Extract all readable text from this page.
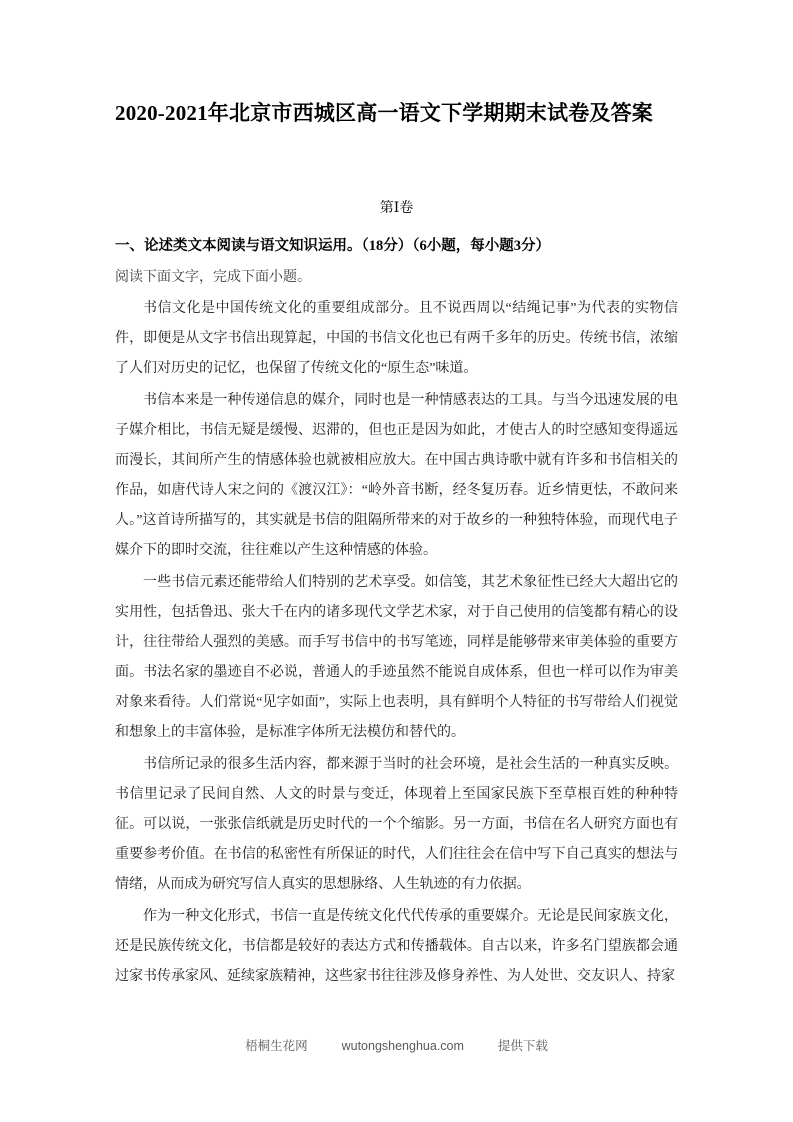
2020-2021年北京市西城区高一语文下学期期末试卷及答案
第Ⅰ卷
一、论述类文本阅读与语文知识运用。（18分）（6小题，每小题3分）
阅读下面文字，完成下面小题。

书信文化是中国传统文化的重要组成部分。且不说西周以“结绳记事”为代表的实物信件，即便是从文字书信出现算起，中国的书信文化也已有两千多年的历史。传统书信，浓缩了人们对历史的记忆，也保留了传统文化的“原生态”味道。

书信本来是一种传递信息的媒介，同时也是一种情感表达的工具。与当今迅速发展的电子媒介相比，书信无疑是缓慢、迟滞的，但也正是因为如此，才使古人的时空感知变得遥远而漫长，其间所产生的情感体验也就被相应放大。在中国古典诗歌中就有许多和书信相关的作品，如唐代诗人宋之问的《渡汉江》：“岭外音书断，经冬复历春。近乡情更怯，不敢问来人。”这首诗所描写的，其实就是书信的阻隔所带来的对于故乡的一种独特体验，而现代电子媒介下的即时交流，往往难以产生这种情感的体验。

一些书信元素还能带给人们特别的艺术享受。如信笺，其艺术象征性已经大大超出它的实用性，包括鲁迅、张大千在内的诸多现代文学艺术家，对于自己使用的信笺都有精心的设计，往往带给人强烈的美感。而手写书信中的书写笔迹，同样是能够带来审美体验的重要方面。书法名家的墨迹自不必说，普通人的手迹虽然不能说自成体系，但也一样可以作为审美对象来看待。人们常说“见字如面”，实际上也表明，具有鲜明个人特征的书写带给人们视觉和想象上的丰富体验，是标准字体所无法模仿和替代的。

书信所记录的很多生活内容，都来源于当时的社会环境，是社会生活的一种真实反映。书信里记录了民间自然、人文的时景与变迁，体现着上至国家民族下至草根百姓的种种特征。可以说，一张张信纸就是历史时代的一个个缩影。另一方面，书信在名人研究方面也有重要参考价值。在书信的私密性有所保证的时代，人们往往会在信中写下自己真实的想法与情绪，从而成为研究写信人真实的思想脉络、人生轨迹的有力依据。

作为一种文化形式，书信一直是传统文化代代传承的重要媒介。无论是民间家族文化，还是民族传统文化，书信都是较好的表达方式和传播载体。自古以来，许多名门望族都会通过家书传承家风、延续家族精神，这些家书往往涉及修身养性、为人处世、交友识人、持家

梧桐生花网	wutongshenghua.com	提供下载
